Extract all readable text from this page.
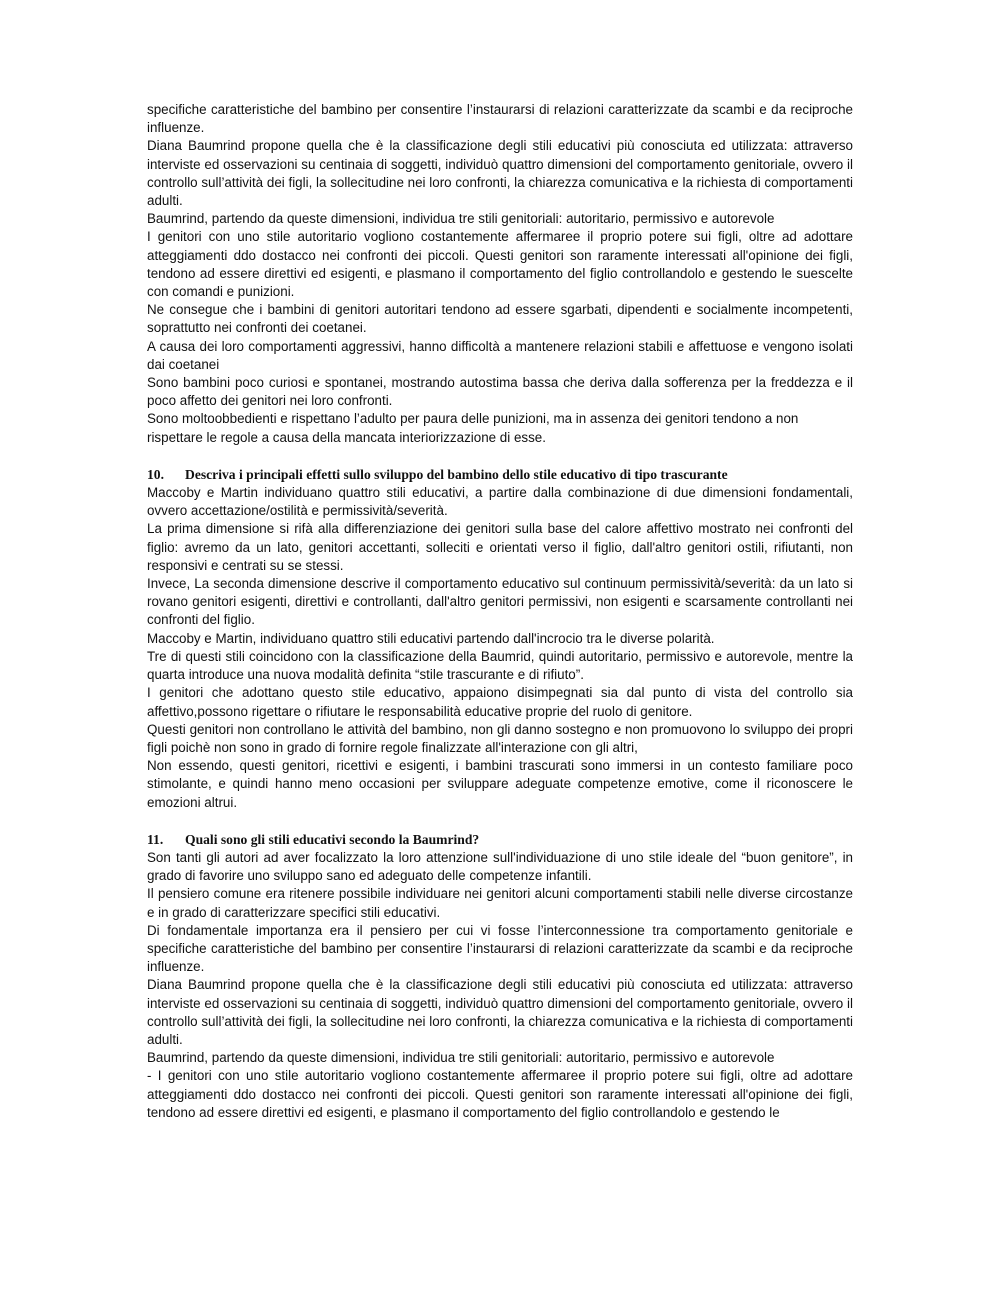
specifiche caratteristiche del bambino per consentire l’instaurarsi di relazioni caratterizzate da scambi e da reciproche influenze.

Diana Baumrind propone quella che è la classificazione degli stili educativi più conosciuta ed utilizzata: attraverso interviste ed osservazioni su centinaia di soggetti, individuò quattro dimensioni del comportamento genitoriale, ovvero il controllo sull’attività dei figli, la sollecitudine nei loro confronti, la chiarezza comunicativa e la richiesta di comportamenti adulti.

Baumrind, partendo da queste dimensioni, individua tre stili genitoriali: autoritario, permissivo e autorevole

I genitori con uno stile autoritario vogliono costantemente affermaree il proprio potere sui figli, oltre ad adottare atteggiamenti ddo dostacco nei confronti dei piccoli. Questi genitori son raramente interessati all'opinione dei figli, tendono ad essere direttivi ed esigenti, e plasmano il comportamento del figlio controllandolo e gestendo le suescelte con comandi e punizioni.

Ne consegue che i bambini di genitori autoritari tendono ad essere sgarbati, dipendenti e socialmente incompetenti, soprattutto nei confronti dei coetanei.

A causa dei loro comportamenti aggressivi, hanno difficoltà a mantenere relazioni stabili e affettuose e vengono isolati dai coetanei

Sono bambini poco curiosi e spontanei, mostrando autostima bassa che deriva dalla sofferenza per la freddezza e il poco affetto dei genitori nei loro confronti.

Sono moltoobbedienti e rispettano l’adulto per paura delle punizioni, ma in assenza dei genitori tendono a non

rispettare le regole a causa della mancata interiorizzazione di esse.

10.	Descriva i principali effetti sullo sviluppo del bambino dello stile educativo di tipo trascurante

Maccoby e Martin individuano quattro stili educativi, a partire dalla combinazione di due dimensioni fondamentali, ovvero accettazione/ostilità e permissività/severità.

La prima dimensione si rifà alla differenziazione dei genitori sulla base del calore affettivo mostrato nei confronti del figlio: avremo da un lato, genitori accettanti, solleciti e orientati verso il figlio, dall'altro genitori ostili, rifiutanti, non responsivi e centrati su se stessi.

Invece, La seconda dimensione descrive il comportamento educativo sul continuum permissività/severità: da un lato si rovano genitori esigenti, direttivi e controllanti, dall'altro genitori permissivi, non esigenti e scarsamente controllanti nei confronti del figlio.

Maccoby e Martin, individuano quattro stili educativi partendo dall'incrocio tra le diverse polarità.

Tre di questi stili coincidono con la classificazione della Baumrid, quindi autoritario, permissivo e autorevole, mentre la quarta introduce una nuova modalità definita “stile trascurante e di rifiuto”.

I genitori che adottano questo stile educativo, appaiono disimpegnati sia dal punto di vista del controllo sia affettivo,possono rigettare o rifiutare le responsabilità educative proprie del ruolo di genitore.

Questi genitori non controllano le attività del bambino, non gli danno sostegno e non promuovono lo sviluppo dei propri figli poichè non sono in grado di fornire regole finalizzate all'interazione con gli altri,

Non essendo, questi genitori, ricettivi e esigenti, i bambini trascurati sono immersi in un contesto familiare poco stimolante, e quindi hanno meno occasioni per sviluppare adeguate competenze emotive, come il riconoscere le emozioni altrui.

11.	Quali sono gli stili educativi secondo la Baumrind?

Son tanti gli autori ad aver focalizzato la loro attenzione sull'individuazione di uno stile ideale del “buon genitore”, in grado di favorire uno sviluppo sano ed adeguato delle competenze infantili.

Il pensiero comune era ritenere possibile individuare nei genitori alcuni comportamenti stabili nelle diverse circostanze e in grado di caratterizzare specifici stili educativi.

Di fondamentale importanza era il pensiero per cui vi fosse l’interconnessione tra comportamento genitoriale e specifiche caratteristiche del bambino per consentire l’instaurarsi di relazioni caratterizzate da scambi e da reciproche influenze.

Diana Baumrind propone quella che è la classificazione degli stili educativi più conosciuta ed utilizzata: attraverso interviste ed osservazioni su centinaia di soggetti, individuò quattro dimensioni del comportamento genitoriale, ovvero il controllo sull’attività dei figli, la sollecitudine nei loro confronti, la chiarezza comunicativa e la richiesta di comportamenti adulti.

Baumrind, partendo da queste dimensioni, individua tre stili genitoriali: autoritario, permissivo e autorevole

- I genitori con uno stile autoritario vogliono costantemente affermaree il proprio potere sui figli, oltre ad adottare atteggiamenti ddo dostacco nei confronti dei piccoli. Questi genitori son raramente interessati all'opinione dei figli, tendono ad essere direttivi ed esigenti, e plasmano il comportamento del figlio controllandolo e gestendo le
